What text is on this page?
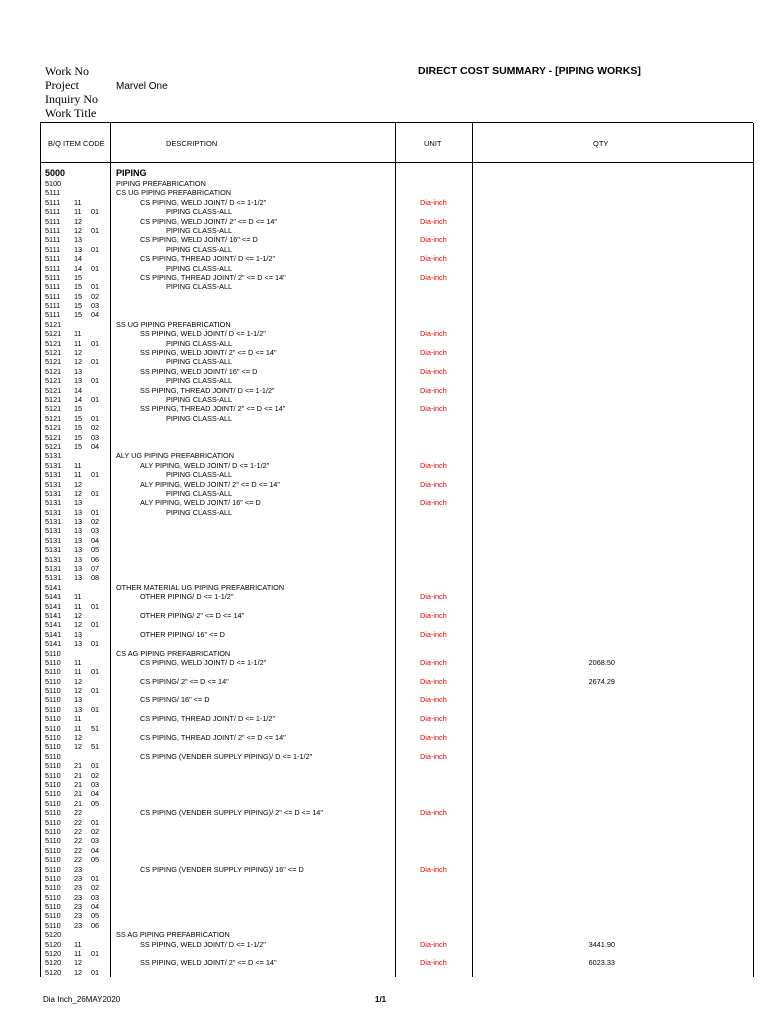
Work No
Project	Marvel One
Inquiry No
Work Title
DIRECT COST SUMMARY - [PIPING WORKS]
B/Q ITEM CODE	DESCRIPTION	UNIT	QTY
5000	PIPING
5100	PIPING PREFABRICATION
5111	CS UG PIPING PREFABRICATION
5111 11	CS PIPING, WELD JOINT/ D <= 1-1/2"	Dia-inch
5111 11 01	PIPING CLASS-ALL
5111 12	CS PIPING, WELD JOINT/ 2" <= D <= 14"	Dia-inch
5111 12 01	PIPING CLASS-ALL
5111 13	CS PIPING, WELD JOINT/ 16" <= D	Dia-inch
5111 13 01	PIPING CLASS-ALL
5111 14	CS PIPING, THREAD JOINT/ D <= 1-1/2"	Dia-inch
5111 14 01	PIPING CLASS-ALL
5111 15	CS PIPING, THREAD JOINT/ 2" <= D <= 14"	Dia-inch
5111 15 01	PIPING CLASS-ALL
5111 15 02
5111 15 03
5111 15 04
5121	SS UG PIPING PREFABRICATION
5121 11	SS PIPING, WELD JOINT/ D <= 1-1/2"	Dia-inch
5121 11 01	PIPING CLASS-ALL
5121 12	SS PIPING, WELD JOINT/ 2" <= D <= 14"	Dia-inch
5121 12 01	PIPING CLASS-ALL
5121 13	SS PIPING, WELD JOINT/ 16" <= D	Dia-inch
5121 13 01	PIPING CLASS-ALL
5121 14	SS PIPING, THREAD JOINT/ D <= 1-1/2"	Dia-inch
5121 14 01	PIPING CLASS-ALL
5121 15	SS PIPING, THREAD JOINT/ 2" <= D <= 14"	Dia-inch
5121 15 01	PIPING CLASS-ALL
5121 15 02
5121 15 03
5121 15 04
5131	ALY UG PIPING PREFABRICATION
5131 11	ALY PIPING, WELD JOINT/ D <= 1-1/2"	Dia-inch
5131 11 01	PIPING CLASS-ALL
5131 12	ALY PIPING, WELD JOINT/ 2" <= D <= 14"	Dia-inch
5131 12 01	PIPING CLASS-ALL
5131 13	ALY PIPING, WELD JOINT/ 16" <= D	Dia-inch
5131 13 01	PIPING CLASS-ALL
5131 13 02
5131 13 03
5131 13 04
5131 13 05
5131 13 06
5131 13 07
5131 13 08
5141	OTHER MATERIAL UG PIPING PREFABRICATION
5141 11	OTHER PIPING/ D <= 1-1/2"	Dia-inch
5141 11 01
5141 12	OTHER PIPING/ 2" <= D <= 14"	Dia-inch
5141 12 01
5141 13	OTHER PIPING/ 16" <= D	Dia-inch
5141 13 01
5110	CS AG PIPING PREFABRICATION
5110 11	CS PIPING, WELD JOINT/ D <= 1-1/2"	Dia-inch	2068.50
5110 11 01
5110 12	CS PIPING/ 2" <= D <= 14"	Dia-inch	2674.29
5110 12 01
5110 13	CS PIPING/ 16" <= D	Dia-inch
5110 13 01
5110 11	CS PIPING, THREAD JOINT/ D <= 1-1/2"	Dia-inch
5110 11 51
5110 12	CS PIPING, THREAD JOINT/ 2" <= D <= 14"	Dia-inch
5110 12 51
5110	CS PIPING (VENDER SUPPLY PIPING)/ D <= 1-1/2"	Dia-inch
5110 21 01
5110 21 02
5110 21 03
5110 21 04
5110 21 05
5110 22	CS PIPING (VENDER SUPPLY PIPING)/ 2" <= D <= 14"	Dia-inch
5110 22 01
5110 22 02
5110 22 03
5110 22 04
5110 22 05
5110 23	CS PIPING (VENDER SUPPLY PIPING)/ 16" <= D	Dia-inch
5110 23 01
5110 23 02
5110 23 03
5110 23 04
5110 23 05
5110 23 06
5120	SS AG PIPING PREFABRICATION
5120 11	SS PIPING, WELD JOINT/ D <= 1-1/2"	Dia-inch	3441.90
5120 11 01
5120 12	SS PIPING, WELD JOINT/ 2" <= D <= 14"	Dia-inch	6023.33
5120 12 01
Dia Inch_26MAY2020	1/1
